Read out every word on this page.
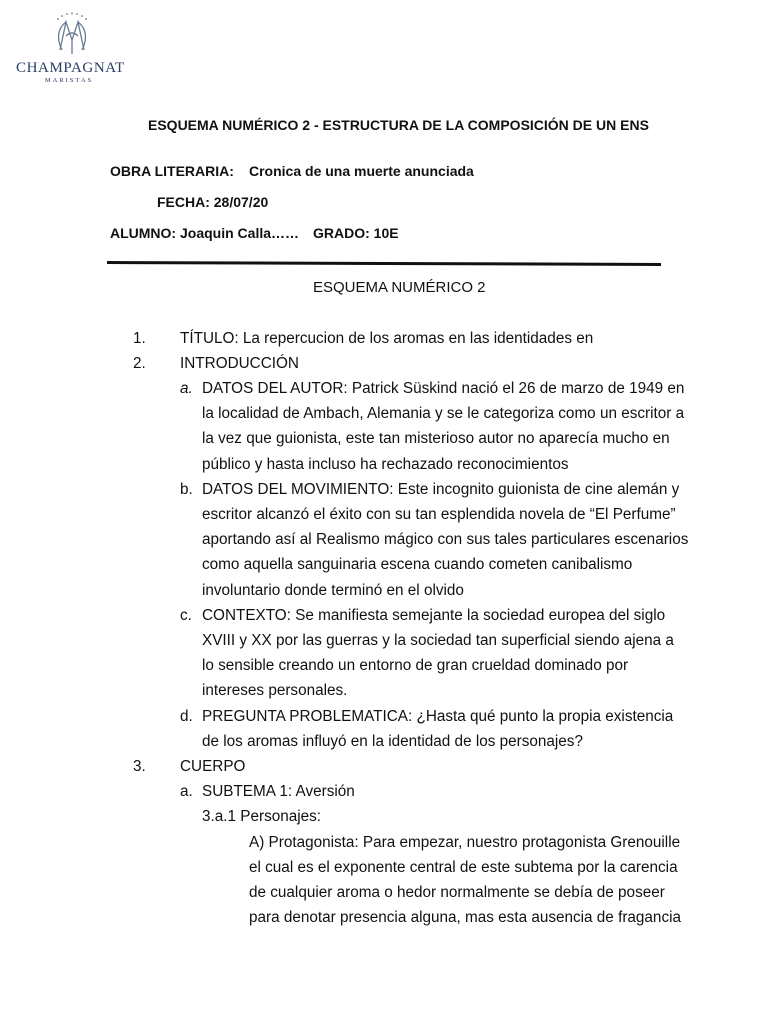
CHAMPAGNAT
MARISTAS
ESQUEMA NUMÉRICO 2 - ESTRUCTURA DE LA COMPOSICIÓN DE UN ENS
OBRA LITERARIA: Cronica de una muerte anunciada
FECHA: 28/07/20
ALUMNO: Joaquin Calla…… GRADO: 10E
ESQUEMA NUMÉRICO 2
1. TÍTULO: La repercucion de los aromas en las identidades en
2. INTRODUCCIÓN
a. DATOS DEL AUTOR: Patrick Süskind nació el 26 de marzo de 1949 en
la localidad de Ambach, Alemania y se le categoriza como un escritor a
la vez que guionista, este tan misterioso autor no aparecía mucho en
público y hasta incluso ha rechazado reconocimientos
b. DATOS DEL MOVIMIENTO: Este incognito guionista de cine alemán y
escritor alcanzó el éxito con su tan esplendida novela de “El Perfume”
aportando así al Realismo mágico con sus tales particulares escenarios
como aquella sanguinaria escena cuando cometen canibalismo
involuntario donde terminó en el olvido
c. CONTEXTO: Se manifiesta semejante la sociedad europea del siglo
XVIII y XX por las guerras y la sociedad tan superficial siendo ajena a
lo sensible creando un entorno de gran crueldad dominado por
intereses personales.
d. PREGUNTA PROBLEMATICA: ¿Hasta qué punto la propia existencia
de los aromas influyó en la identidad de los personajes?
3. CUERPO
a. SUBTEMA 1: Aversión
3.a.1 Personajes:
A) Protagonista: Para empezar, nuestro protagonista Grenouille
el cual es el exponente central de este subtema por la carencia
de cualquier aroma o hedor normalmente se debía de poseer
para denotar presencia alguna, mas esta ausencia de fragancia
